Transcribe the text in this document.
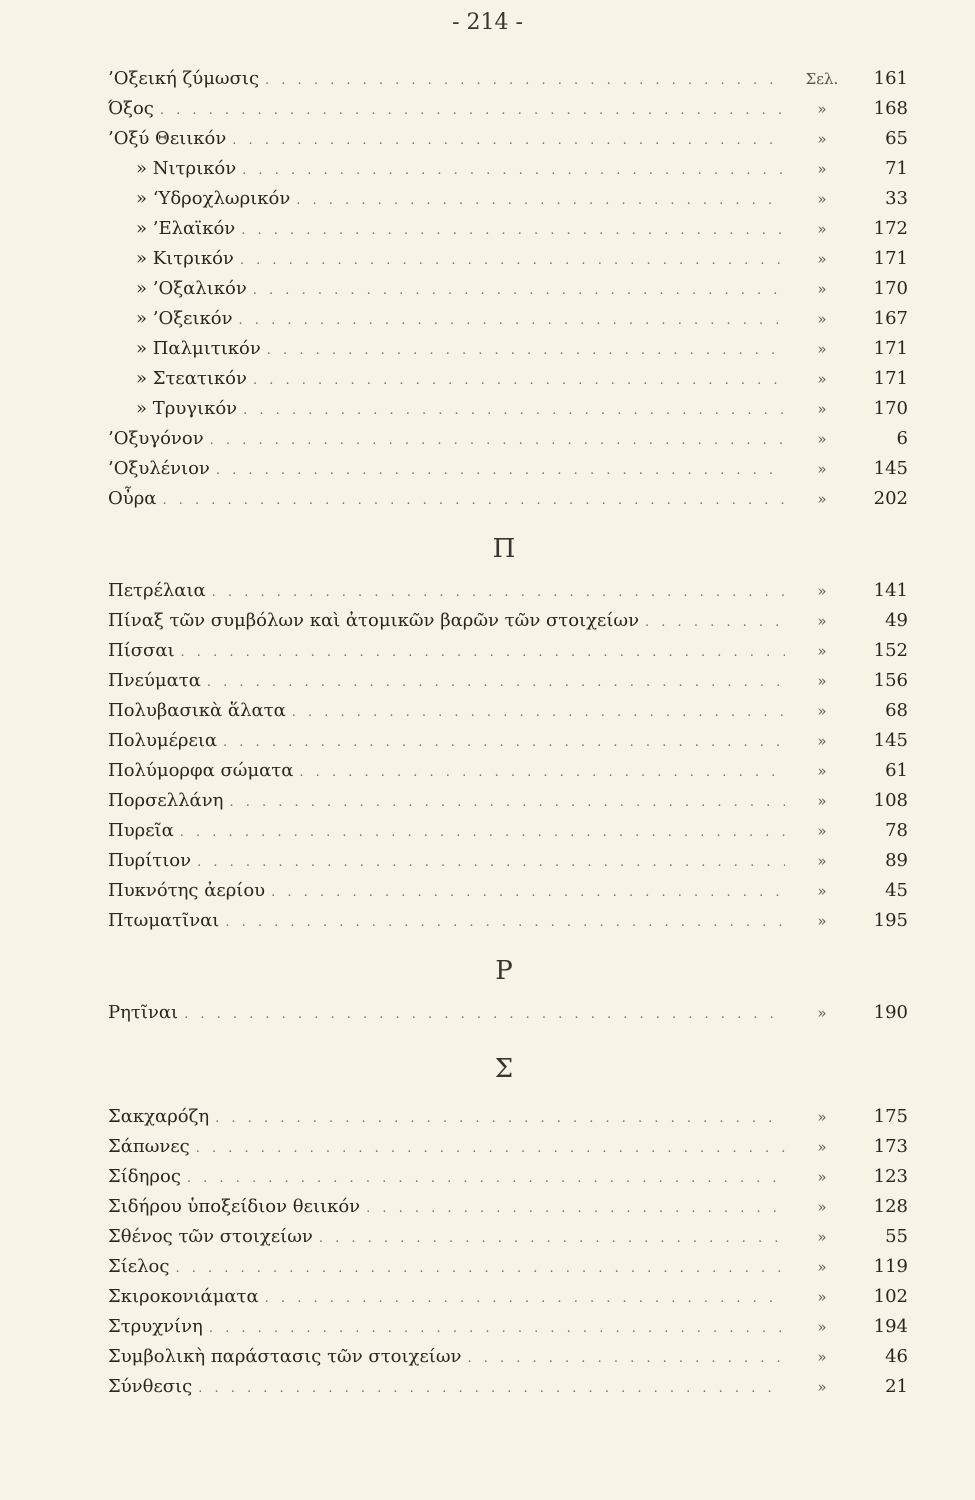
- 214 -
’Οξεική ζύμωσις . . .	Σελ.	161
Όξος . . .	»	168
’Οξύ Θειικόν . . .	»	65
» Νιτρικόν . . .	»	71
» ‘Υδροχλωρικόν . . .	»	33
» ’Ελαϊκόν . . .	»	172
» Κιτρικόν . . .	»	171
» ’Οξαλικόν . . .	»	170
» ’Οξεικόν . . .	»	167
» Παλμιτικόν . . .	»	171
» Στεατικόν . . .	»	171
» Τρυγικόν . . .	»	170
’Οξυγόνον . . .	»	6
’Οξυλένιον . . .	»	145
Οὖρα . . .	»	202
Π
Πετρέλαια . . .	»	141
Πίναξ τῶν συμβόλων καὶ ἀτομικῶν βαρῶν τῶν στοιχείων . . .	»	49
Πίσσαι . . .	»	152
Πνεύματα . . .	»	156
Πολυβασικὰ ἅλατα . . .	»	68
Πολυμέρεια . . .	»	145
Πολύμορφα σώματα . . .	»	61
Πορσελλάνη . . .	»	108
Πυρεῖα . . .	»	78
Πυρίτιον . . .	»	89
Πυκνότης ἀερίου . . .	»	45
Πτωματῖναι . . .	»	195
Ρ
Ρητῖναι . . .	»	190
Σ
Σακχαρόζη . . .	»	175
Σάπωνες . . .	»	173
Σίδηρος . . .	»	123
Σιδήρου ὑποξείδιον θειικόν . . .	»	128
Σθένος τῶν στοιχείων . . .	»	55
Σίελος . . .	»	119
Σκιροκονιάματα . . .	»	102
Στρυχνίνη . . .	»	194
Συμβολικὴ παράστασις τῶν στοιχείων . . .	»	46
Σύνθεσις . . .	»	21
